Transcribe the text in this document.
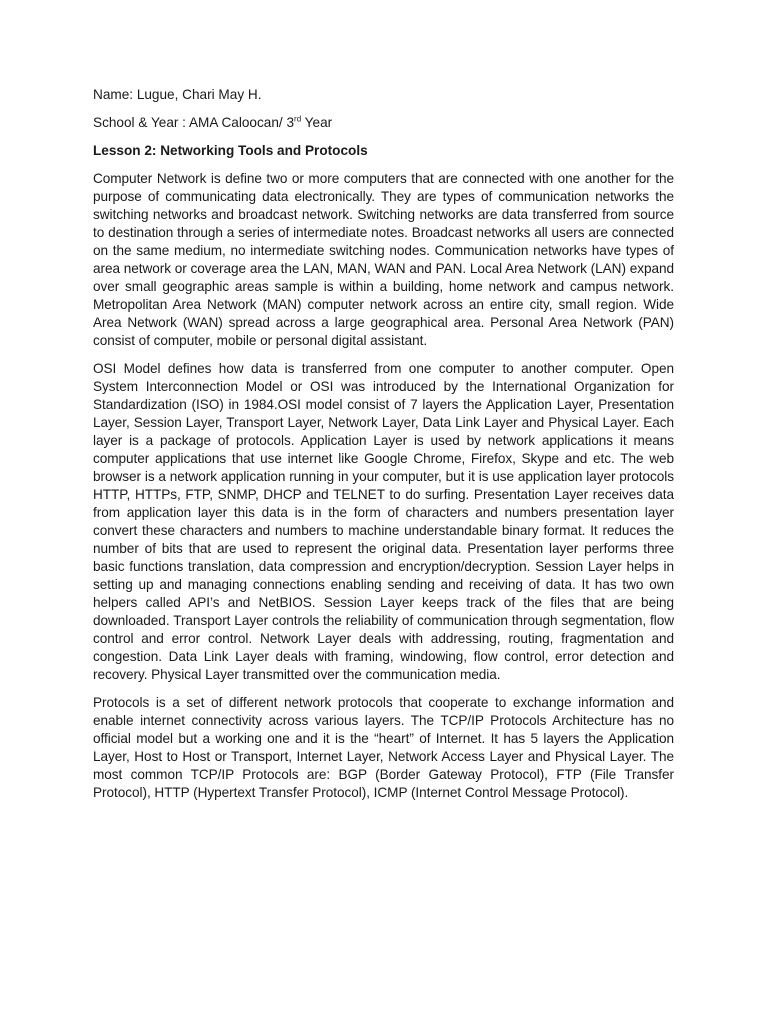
Name: Lugue, Chari May H.

School & Year : AMA Caloocan/ 3rd Year

Lesson 2: Networking Tools and Protocols

Computer Network is define two or more computers that are connected with one another for the purpose of communicating data electronically. They are types of communication networks the switching networks and broadcast network. Switching networks are data transferred from source to destination through a series of intermediate notes. Broadcast networks all users are connected on the same medium, no intermediate switching nodes. Communication networks have types of area network or coverage area the LAN, MAN, WAN and PAN. Local Area Network (LAN) expand over small geographic areas sample is within a building, home network and campus network. Metropolitan Area Network (MAN) computer network across an entire city, small region. Wide Area Network (WAN) spread across a large geographical area. Personal Area Network (PAN) consist of computer, mobile or personal digital assistant.

OSI Model defines how data is transferred from one computer to another computer. Open System Interconnection Model or OSI was introduced by the International Organization for Standardization (ISO) in 1984.OSI model consist of 7 layers the Application Layer, Presentation Layer, Session Layer, Transport Layer, Network Layer, Data Link Layer and Physical Layer. Each layer is a package of protocols. Application Layer is used by network applications it means computer applications that use internet like Google Chrome, Firefox, Skype and etc. The web browser is a network application running in your computer, but it is use application layer protocols HTTP, HTTPs, FTP, SNMP, DHCP and TELNET to do surfing. Presentation Layer receives data from application layer this data is in the form of characters and numbers presentation layer convert these characters and numbers to machine understandable binary format. It reduces the number of bits that are used to represent the original data. Presentation layer performs three basic functions translation, data compression and encryption/decryption. Session Layer helps in setting up and managing connections enabling sending and receiving of data. It has two own helpers called API’s and NetBIOS. Session Layer keeps track of the files that are being downloaded. Transport Layer controls the reliability of communication through segmentation, flow control and error control. Network Layer deals with addressing, routing, fragmentation and congestion. Data Link Layer deals with framing, windowing, flow control, error detection and recovery. Physical Layer transmitted over the communication media.

Protocols is a set of different network protocols that cooperate to exchange information and enable internet connectivity across various layers. The TCP/IP Protocols Architecture has no official model but a working one and it is the “heart” of Internet. It has 5 layers the Application Layer, Host to Host or Transport, Internet Layer, Network Access Layer and Physical Layer. The most common TCP/IP Protocols are: BGP (Border Gateway Protocol), FTP (File Transfer Protocol), HTTP (Hypertext Transfer Protocol), ICMP (Internet Control Message Protocol).
